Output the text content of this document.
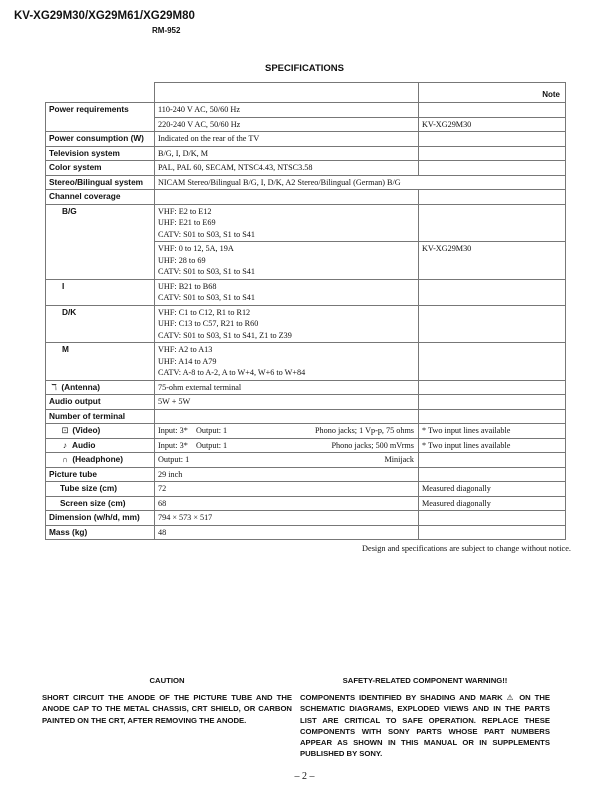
KV-XG29M30/XG29M61/XG29M80
RM-952
SPECIFICATIONS
		Note
Power requirements	110-240 V AC, 50/60 Hz	
	220-240 V AC, 50/60 Hz	KV-XG29M30
Power consumption (W)	Indicated on the rear of the TV	
Television system	B/G, I, D/K, M	
Color system	PAL, PAL 60, SECAM, NTSC4.43, NTSC3.58	
Stereo/Bilingual system	NICAM Stereo/Bilingual B/G, I, D/K, A2 Stereo/Bilingual (German) B/G	
Channel coverage		
B/G	VHF: E2 to E12
UHF: E21 to E69
CATV: S01 to S03, S1 to S41	

	VHF: 0 to 12, 5A, 19A
UHF: 28 to 69
CATV: S01 to S03, S1 to S41	KV-XG29M30
I	UHF: B21 to B68
CATV: S01 to S03, S1 to S41	

D/K	VHF: C1 to C12, R1 to R12
UHF: C13 to C57, R21 to R60
CATV: S01 to S03, S1 to S41, Z1 to Z39	

M	VHF: A2 to A13
UHF: A14 to A79
CATV: A-8 to A-2, A to W+4, W+6 to W+84	

ℸ (Antenna)	75-ohm external terminal	
Audio output	5W + 5W	
Number of terminal		
⊡ (Video)	Input: 3* Output: 1 Phono jacks; 1 Vp-p, 75 ohms	* Two input lines available
♪ Audio	Input: 3* Output: 1 Phono jacks; 500 mVrms	* Two input lines available
∩ (Headphone)	Output: 1 Minijack	

Picture tube	29 inch	
Tube size (cm)	72	Measured diagonally
Screen size (cm)	68	Measured diagonally
Dimension (w/h/d, mm)	794 × 573 × 517	
Mass (kg)	48	
Design and specifications are subject to change without notice.
CAUTION
SHORT CIRCUIT THE ANODE OF THE PICTURE TUBE AND THE ANODE CAP TO THE METAL CHASSIS, CRT SHIELD, OR CARBON PAINTED ON THE CRT, AFTER REMOVING THE ANODE.
SAFETY-RELATED COMPONENT WARNING!!
COMPONENTS IDENTIFIED BY SHADING AND MARK ⚠ ON THE SCHEMATIC DIAGRAMS, EXPLODED VIEWS AND IN THE PARTS LIST ARE CRITICAL TO SAFE OPERATION. REPLACE THESE COMPONENTS WITH SONY PARTS WHOSE PART NUMBERS APPEAR AS SHOWN IN THIS MANUAL OR IN SUPPLEMENTS PUBLISHED BY SONY.
– 2 –
